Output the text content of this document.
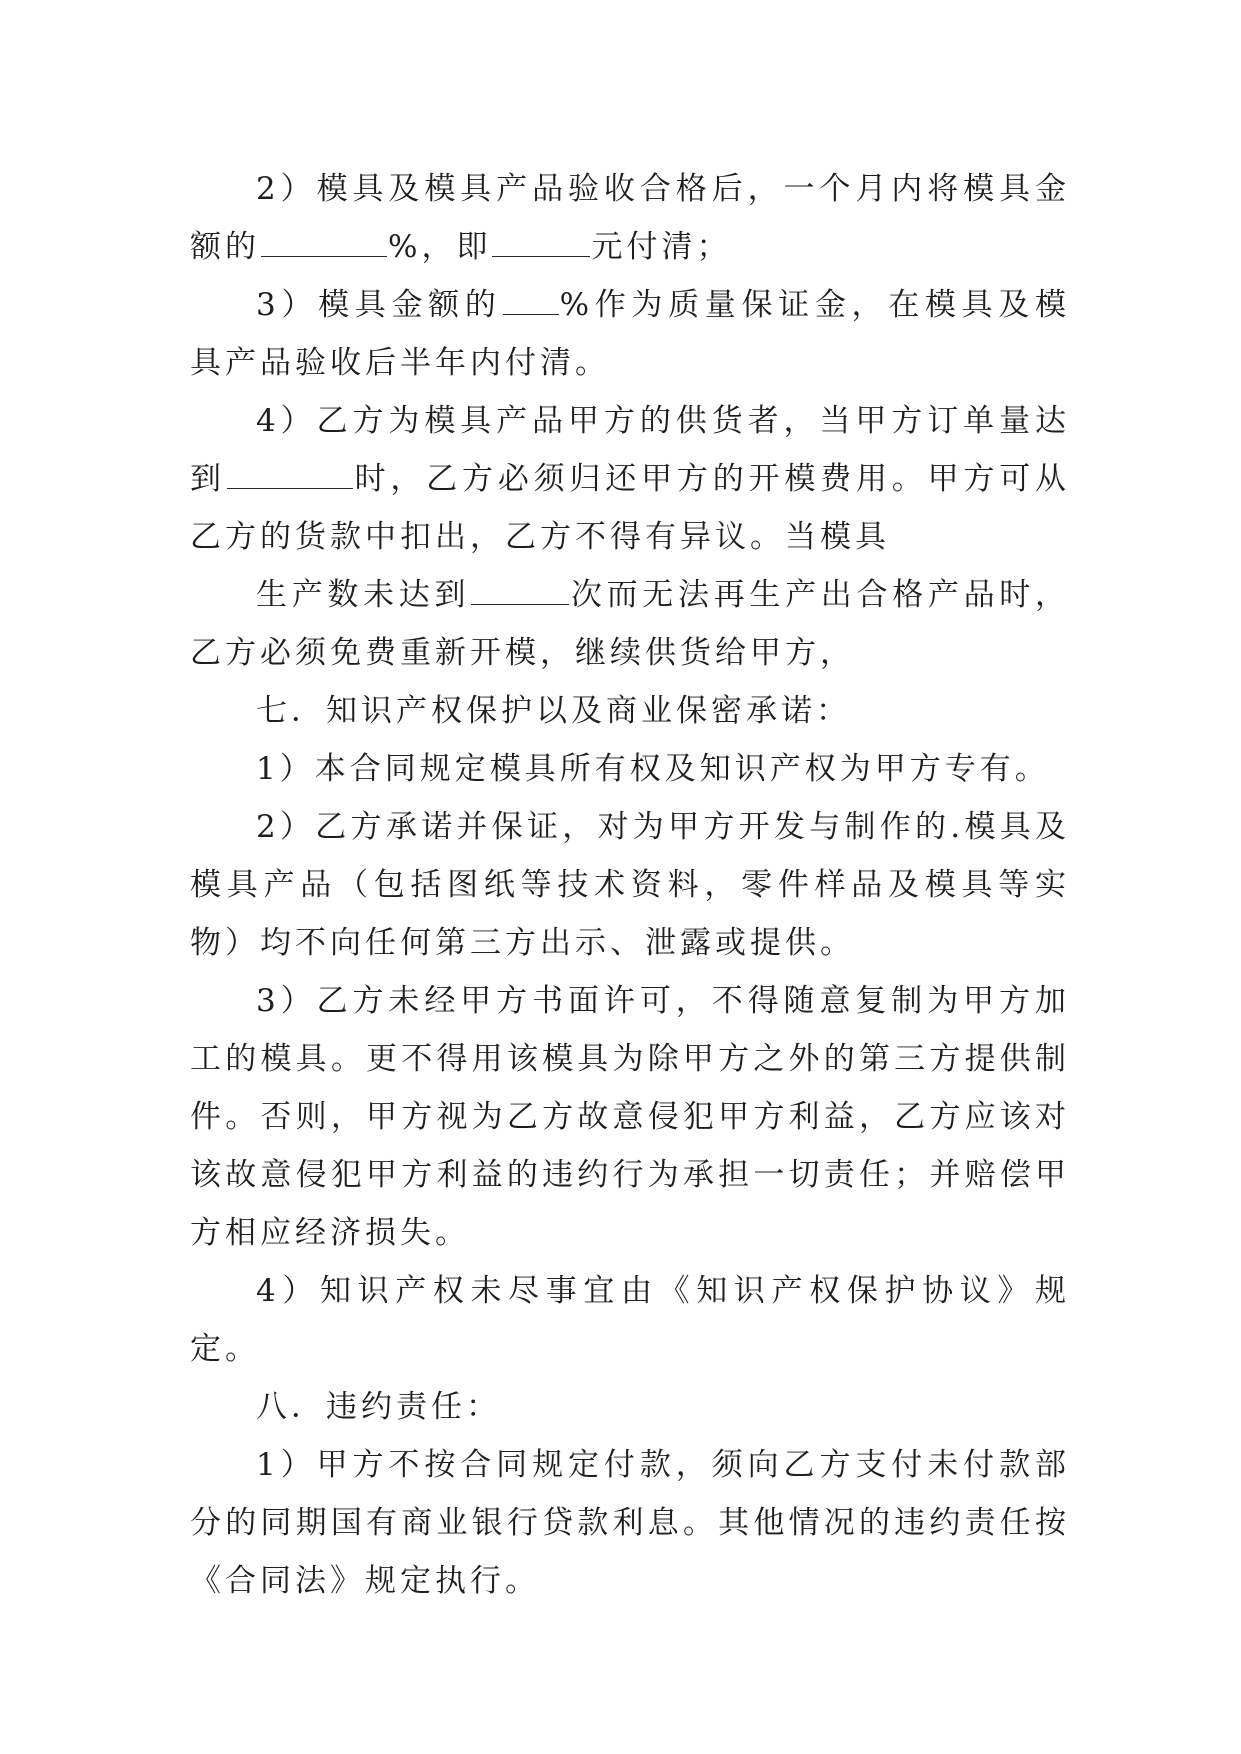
2）模具及模具产品验收合格后，一个月内将模具金额的	%，即	元付清；

3）模具金额的 %作为质量保证金，在模具及模具产品验收后半年内付清。

4）乙方为模具产品甲方的供货者，当甲方订单量达到	时，乙方必须归还甲方的开模费用。甲方可从乙方的货款中扣出，乙方不得有异议。当模具

生产数未达到	次而无法再生产出合格产品时，乙方必须免费重新开模，继续供货给甲方，

七．知识产权保护以及商业保密承诺：

1）本合同规定模具所有权及知识产权为甲方专有。

2）乙方承诺并保证，对为甲方开发与制作的.模具及模具产品（包括图纸等技术资料，零件样品及模具等实物）均不向任何第三方出示、泄露或提供。

3）乙方未经甲方书面许可，不得随意复制为甲方加工的模具。更不得用该模具为除甲方之外的第三方提供制件。否则，甲方视为乙方故意侵犯甲方利益，乙方应该对该故意侵犯甲方利益的违约行为承担一切责任；并赔偿甲方相应经济损失。

4）知识产权未尽事宜由《知识产权保护协议》规定。

八．违约责任：

1）甲方不按合同规定付款，须向乙方支付未付款部分的同期国有商业银行贷款利息。其他情况的违约责任按《合同法》规定执行。
